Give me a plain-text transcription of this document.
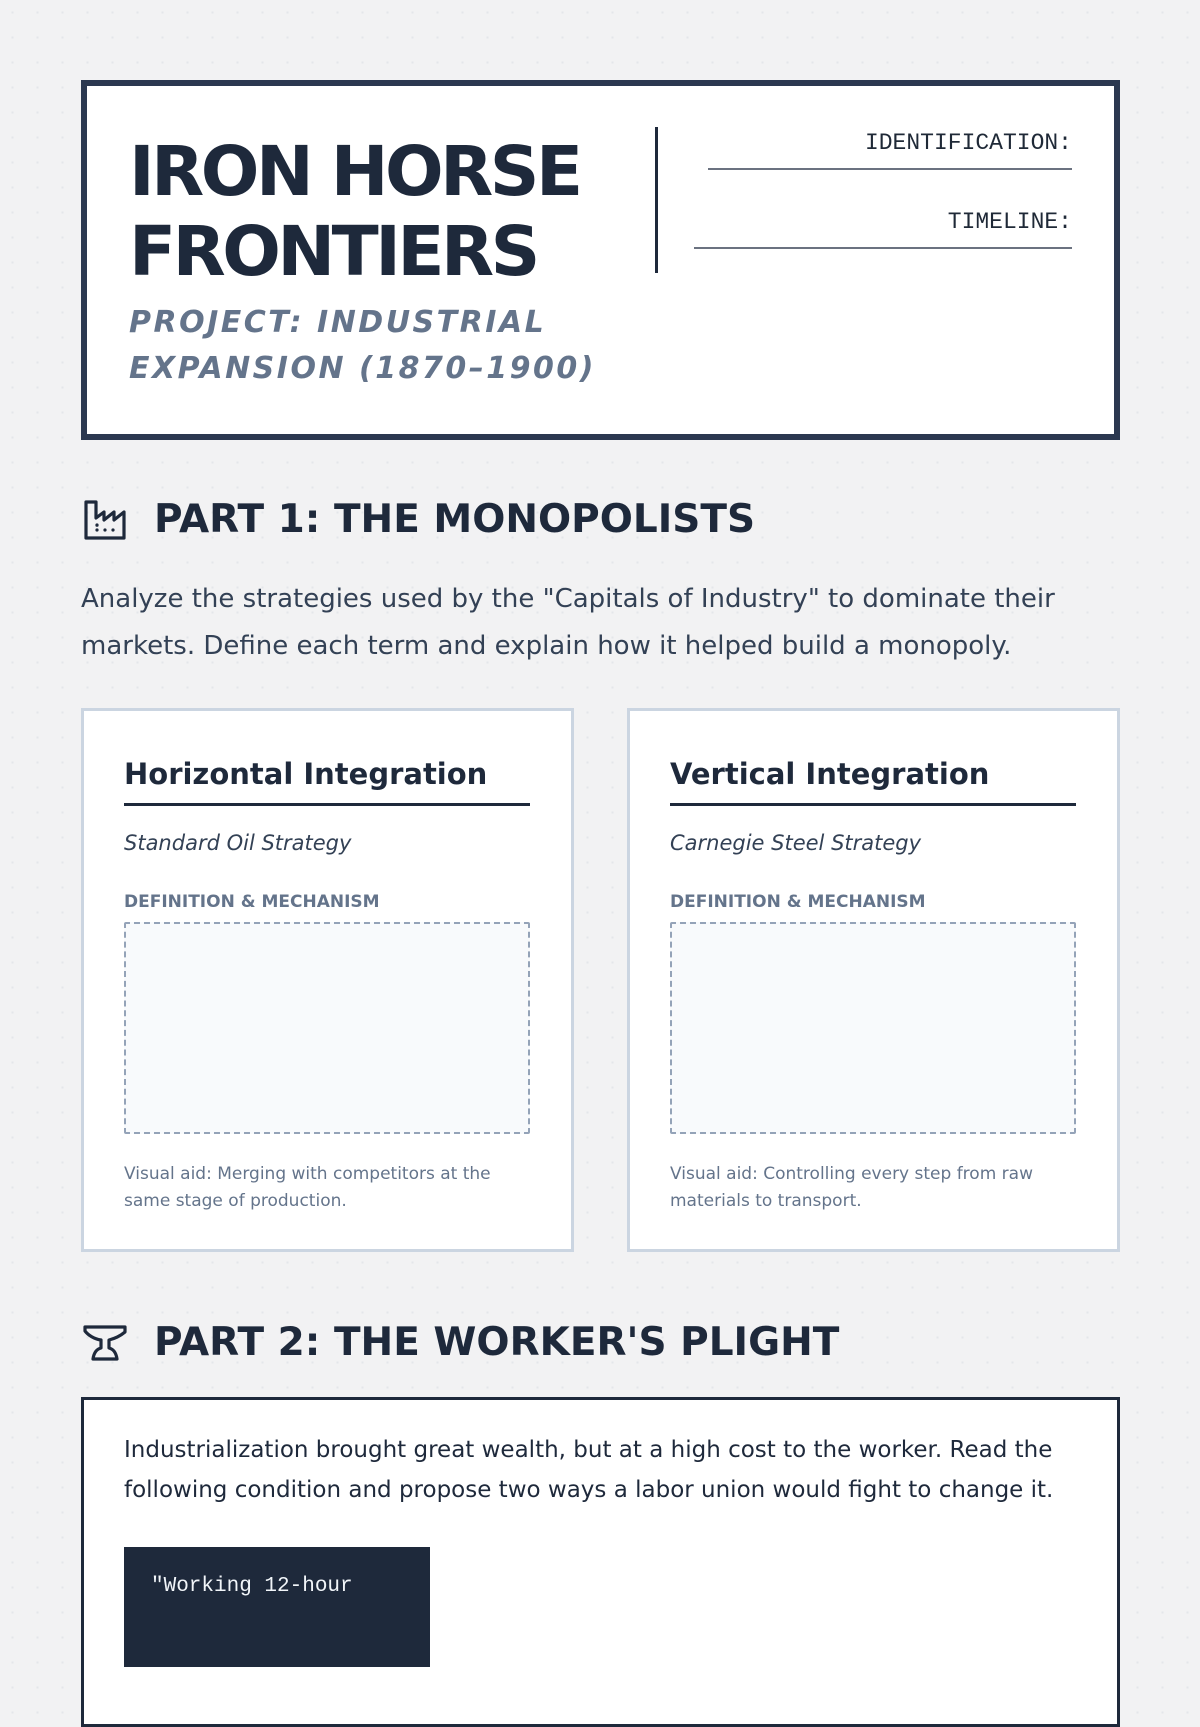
IRON HORSE
FRONTIERS
PROJECT: INDUSTRIAL
EXPANSION (1870–1900)
IDENTIFICATION:
TIMELINE:
PART 1: THE MONOPOLISTS

Analyze the strategies used by the "Capitals of Industry" to dominate their markets. Define each term and explain how it helped build a monopoly.

Horizontal Integration
Standard Oil Strategy
DEFINITION & MECHANISM

Visual aid: Merging with competitors at the same stage of production.

Vertical Integration
Carnegie Steel Strategy
DEFINITION & MECHANISM

Visual aid: Controlling every step from raw materials to transport.

PART 2: THE WORKER'S PLIGHT

Industrialization brought great wealth, but at a high cost to the worker. Read the following condition and propose two ways a labor union would fight to change it.

"Working 12-hour
